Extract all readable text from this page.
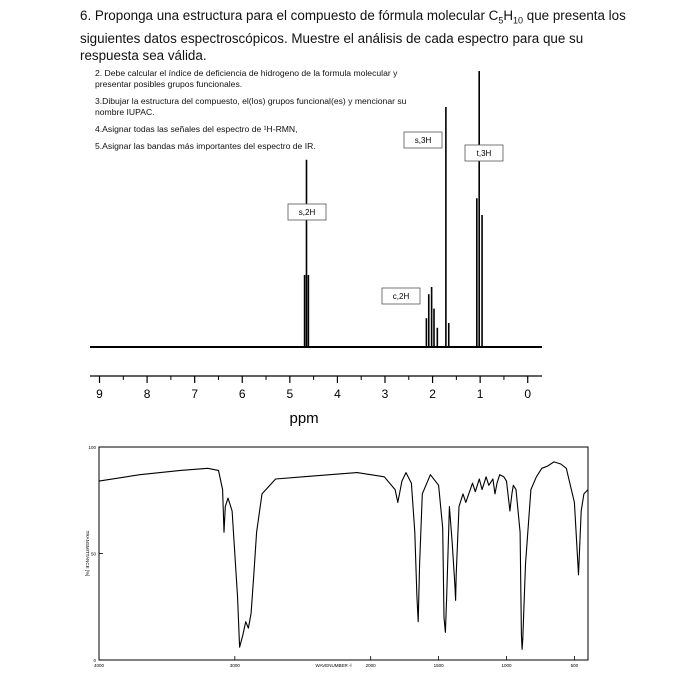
6. Proponga una estructura para el compuesto de fórmula molecular $C_5H_{10}$ que presenta los siguientes datos espectroscópicos. Muestre el análisis de cada espectro para que su respuesta sea válida.

2. Debe calcular el índice de deficiencia de hidrogeno de la formula molecular y presentar posibles grupos funcionales.

3.Dibujar la estructura del compuesto, el(los) grupos funcional(es) y mencionar su nombre IUPAC.

4.Asignar todas las señales del espectro de ¹H-RMN,

5.Asignar las bandas más importantes del espectro de IR.

s,2H
c,2H
s,3H
t,3H
9	8	7	6	5	4	3	2	1	0
ppm
100
50
0
TRANSMITTANCE [%]
4000	3000	2000	1500	1000	500
WAVENUMBER -l
